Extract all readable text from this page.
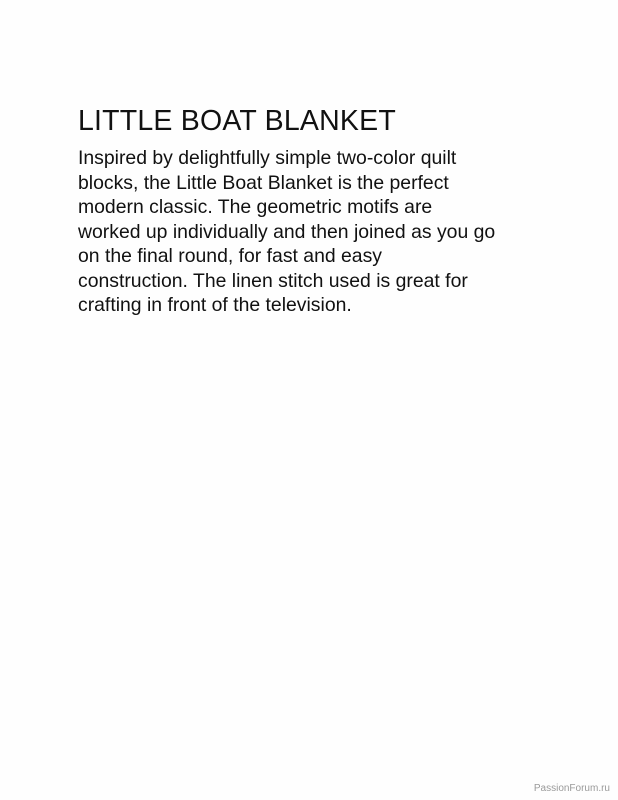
LITTLE BOAT BLANKET
Inspired by delightfully simple two-color quilt
blocks, the Little Boat Blanket is the perfect
modern classic. The geometric motifs are
worked up individually and then joined as you go
on the final round, for fast and easy
construction. The linen stitch used is great for
crafting in front of the television.
PassionForum.ru
